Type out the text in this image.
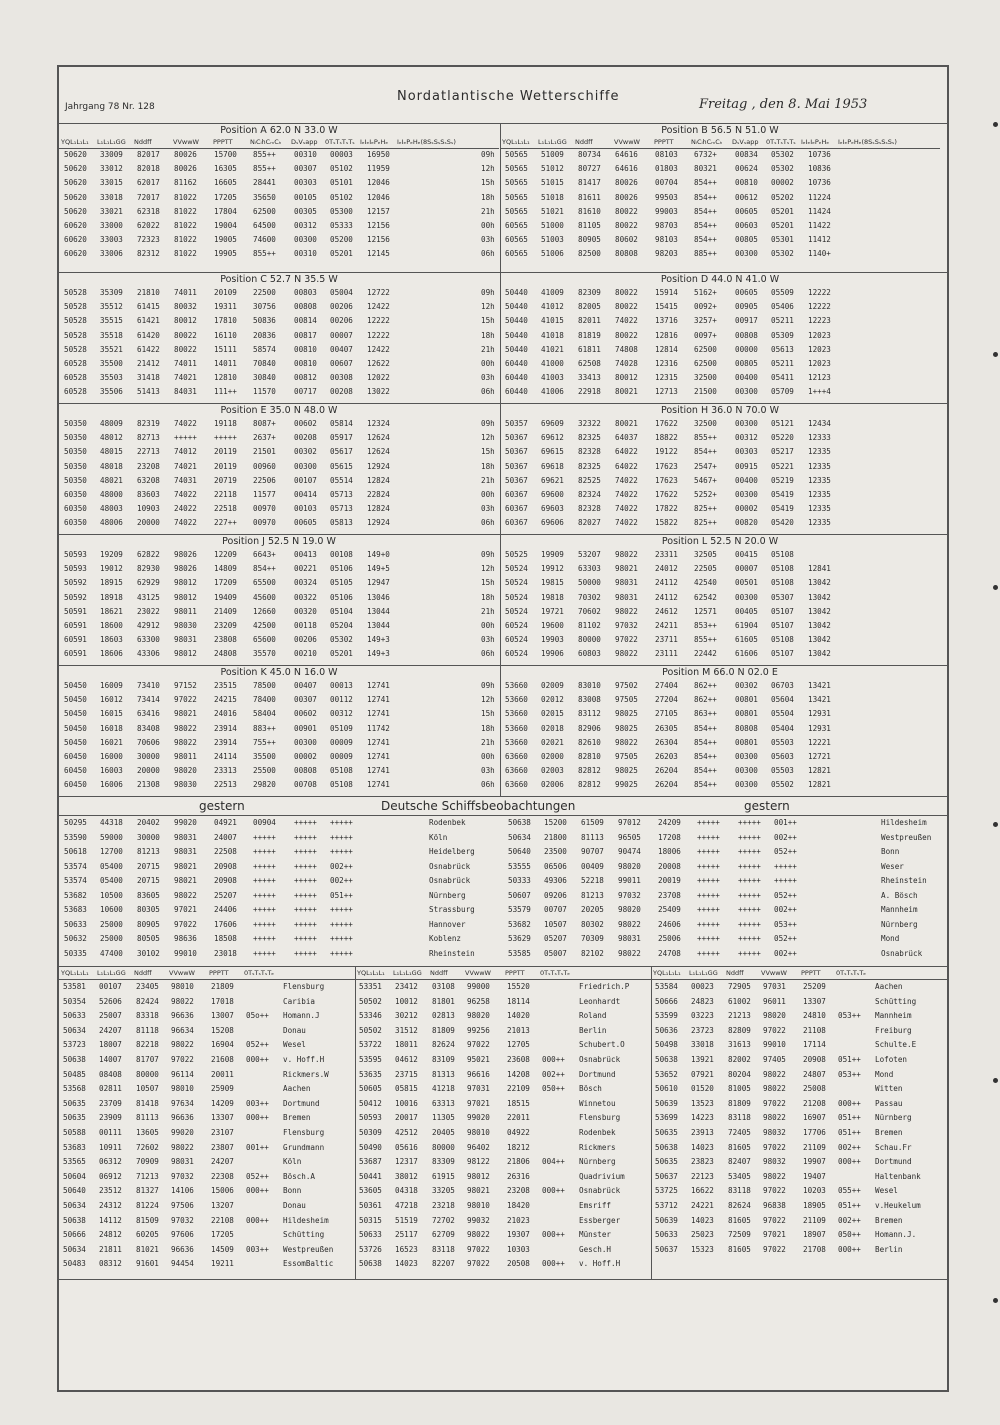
Nordatlantische Wetterschiffe
Jahrgang 78 Nr. 128	Freitag , den 8. Mai 1953
Position A 62.0 N 33.0 W
YQL₁L₁L₁ L₁L₁L₁GG Nddff	VVwwW PPPTT	NₗCₗhCₘCₕ DₛVₛapp 0TₛTₛTₛTₛ IₑIₑIₑPₑHₑ IₑIₑPₑHₑ(8SₛSₛSₛSₛ)
50620 33009 82017 80026 15700 855++ 00310 00003 16950	09h
50620 33012 82018 80026 16305 855++ 00307 05102 11959	12h
50620 33015 62017 81162 16605 28441 00303 05101 12046	15h
50620 33018 72017 81022 17205 35650 00105 05102 12046	18h
50620 33021 62318 81022 17804 62500 00305 05300 12157	21h
60620 33000 62022 81022 19004 64500 00312 05333 12156	00h
60620 33003 72323 81022 19005 74600 00300 05200 12156	03h
60620 33006 82312 81022 19905 855++ 00310 05201 12145	06h
Position B 56.5 N 51.0 W
YQL₁L₁L₁ L₁L₁L₁GG Nddff	VVwwW PPPTT	NₗCₗhCₘCₕ DₛVₛapp 0TₛTₛTₛTₛ IₑIₑIₑPₑHₑ IₑIₑPₑHₑ(8SₛSₛSₛSₛ)
50565 51009 80734 64616 08103 6732+ 00834 05302 10736
50565 51012 80727 64616 01803 80321 00624 05302 10836
50565 51015 81417 80026 00704 854++ 00810 00002 10736
50565 51018 81611 80026 99503 854++ 00612 05202 11224
50565 51021 81610 80022 99003 854++ 00605 05201 11424
60565 51000 81105 80022 98703 854++ 00603 05201 11422
60565 51003 80905 80602 98103 854++ 00805 05301 11412
60565 51006 82500 80808 98203 885++ 00300 05302 1140+
Position C 52.7 N 35.5 W
50528 35309 21810 74011 20109 22500 00803 05004 12722	09h
50528 35512 61415 80032 19311 30756 00808 00206 12422	12h
50528 35515 61421 80012 17810 50836 00814 00206 12222	15h
50528 35518 61420 80022 16110 20836 00817 00007 12222	18h
50528 35521 61422 80022 15111 58574 00810 00407 12422	21h
60528 35500 21412 74011 14011 70840 00810 00607 12622	00h
60528 35503 31418 74021 12810 30840 00812 00308 12022	03h
60528 35506 51413 84031 111++ 11570 00717 00208 13022	06h
Position D 44.0 N 41.0 W
50440 41009 82309 80022 15914 5162+ 00605 05509 12222
50440 41012 82005 80022 15415 0092+ 00905 05406 12222
50440 41015 82011 74022 13716 3257+ 00917 05211 12223
50440 41018 81819 80022 12816 0097+ 00808 05309 12023
50440 41021 61811 74808 12814 62500 00000 05613 12023
60440 41000 62508 74028 12316 62500 00805 05211 12023
60440 41003 33413 80012 12315 32500 00400 05411 12123
60440 41006 22918 80021 12713 21500 00300 05709 1+++4
Position E 35.0 N 48.0 W
50350 48009 82319 74022 19118 8087+ 00602 05814 12324	09h
50350 48012 82713 +++++ +++++ 2637+ 00208 05917 12624	12h
50350 48015 22713 74012 20119 21501 00302 05617 12624	15h
50350 48018 23208 74021 20119 00960 00300 05615 12924	18h
50350 48021 63208 74031 20719 22506 00107 05514 12824	21h
60350 48000 83603 74022 22118 11577 00414 05713 22824	00h
60350 48003 10903 24022 22518 00970 00103 05713 12824	03h
60350 48006 20000 74022 227++ 00970 00605 05813 12924	06h
Position H 36.0 N 70.0 W
50357 69609 32322 80021 17622 32500 00300 05121 12434
50367 69612 82325 64037 18822 855++ 00312 05220 12333
50367 69615 82328 64022 19122 854++ 00303 05217 12335
50367 69618 82325 64022 17623 2547+ 00915 05221 12335
50367 69621 82525 74022 17623 5467+ 00400 05219 12335
60367 69600 82324 74022 17622 5252+ 00300 05419 12335
60367 69603 82328 74022 17822 825++ 00002 05419 12335
60367 69606 82027 74022 15822 825++ 00820 05420 12335
Position J 52.5 N 19.0 W
50593 19209 62822 98026 12209 6643+ 00413 00108 149+0	09h
50593 19012 82930 98026 14809 854++ 00221 05106 149+5	12h
50592 18915 62929 98012 17209 65500 00324 05105 12947	15h
50592 18918 43125 98012 19409 45600 00322 05106 13046	18h
50591 18621 23022 98011 21409 12660 00320 05104 13044	21h
60591 18600 42912 98030 23209 42500 00118 05204 13044	00h
60591 18603 63300 98031 23808 65600 00206 05302 149+3	03h
60591 18606 43306 98012 24808 35570 00210 05201 149+3	06h
Position L 52.5 N 20.0 W
50525 19909 53207 98022 23311 32505 00415 05108
50524 19912 63303 98021 24012 22505 00007 05108 12841
50524 19815 50000 98031 24112 42540 00501 05108 13042
50524 19818 70302 98031 24112 62542 00300 05307 13042
50524 19721 70602 98022 24612 12571 00405 05107 13042
60524 19600 81102 97032 24211 853++ 61904 05107 13042
60524 19903 80000 97022 23711 855++ 61605 05108 13042
60524 19906 60803 98022 23111 22442 61606 05107 13042
Position K 45.0 N 16.0 W
50450 16009 73410 97152 23515 78500 00407 00013 12741	09h
50450 16012 73414 97022 24215 78400 00307 00112 12741	12h
50450 16015 63416 98021 24016 58404 00602 00312 12741	15h
50450 16018 83408 98022 23914 883++ 00901 05109 11742	18h
50450 16021 70606 98022 23914 755++ 00300 00009 12741	21h
60450 16000 30000 98011 24114 35500 00002 00009 12741	00h
60450 16003 20000 98020 23313 25500 00808 05108 12741	03h
60450 16006 21308 98030 22513 29820 00708 05108 12741	06h
Position M 66.0 N 02.0 E
53660 02009 83010 97502 27404 862++ 00302 06703 13421
53660 02012 83008 97505 27204 862++ 00801 05604 13421
53660 02015 83112 98025 27105 863++ 00801 05504 12931
53660 02018 82906 98025 26305 854++ 80808 05404 12931
53660 02021 82610 98022 26304 854++ 00801 05503 12221
63660 02000 82810 97505 26203 854++ 00300 05603 12721
63660 02003 82812 98025 26204 854++ 00300 05503 12821
63660 02006 82812 99025 26204 854++ 00300 05502 12821
gestern	Deutsche Schiffsbeobachtungen	gestern
50295 44318 20402 99020 04921 00904 +++++ +++++	Rodenbek
53590 59000 30000 98031 24007 +++++ +++++ +++++	Köln
50618 12700 81213 98031 22508 +++++ +++++ +++++	Heidelberg
53574 05400 20715 98021 20908 +++++ +++++ 002++	Osnabrück
53574 05400 20715 98021 20908 +++++ +++++ 002++	Osnabrück
53682 10500 83605 98022 25207 +++++ +++++ 051++	Nürnberg
53683 10600 80305 97021 24406 +++++ +++++ +++++	Strassburg
50633 25000 80905 97022 17606 +++++ +++++ +++++	Hannover
50632 25000 80505 98636 18508 +++++ +++++ +++++	Koblenz
50335 47400 30102 99010 23018 +++++ +++++ +++++	Rheinstein
50638 15200 61509 97012 24209 +++++ +++++ 001++	Hildesheim
50634 21800 81113 96505 17208 +++++ +++++ 002++	Westpreußen
50640 23500 90707 90474 18006 +++++ +++++ 052++	Bonn
53555 06506 00409 98020 20008 +++++ +++++ +++++	Weser
50333 49306 52218 99011 20019 +++++ +++++ +++++	Rheinstein
50607 09206 81213 97032 23708 +++++ +++++ 052++	A. Bösch
53579 00707 20205 98020 25409 +++++ +++++ 002++	Mannheim
53682 10507 80302 98022 24606 +++++ +++++ 053++	Nürnberg
53629 05207 70309 98031 25006 +++++ +++++ 052++	Mond
53585 05007 82102 98022 24708 +++++ +++++ 002++	Osnabrück
YQL₁L₁L₁ L₁L₁L₁GG Nddff	VVwwW PPPTT 0TₛTₛTₛTₑ	YQL₁L₁L₁ L₁L₁L₁GG Nddff	VVwwW PPPTT 0TₛTₛTₛTₑ	YQL₁L₁L₁ L₁L₁L₁GG Nddff	VVwwW PPPTT 0TₛTₛTₛTₑ
53581 00107 23405 98010 21809	Flensburg
50354 52606 82424 98022 17018	Caribia
50633 25007 83318 96636 13007 05o++ Homann.J
50634 24207 81118 96634 15208	Donau
53723 18007 82218 98022 16904 052++ Wesel
50638 14007 81707 97022 21608 000++ v. Hoff.H
50485 08408 80000 96114 20011	Rickmers.W
53568 02811 10507 98010 25909	Aachen
50635 23709 81418 97634 14209 003++ Dortmund
50635 23909 81113 96636 13307 000++ Bremen
50588 00111 13605 99020 23107	Flensburg
53683 10911 72602 98022 23807 001++ Grundmann
53565 06312 70909 98031 24207	Köln
50604 06912 71213 97032 22308 052++ Bösch.A
50640 23512 81327 14106 15006 000++ Bonn
50634 24312 81224 97506 13207	Donau
50638 14112 81509 97032 22108 000++ Hildesheim
50666 24812 60205 97606 17205	Schütting
50634 21811 81021 96636 14509 003++ Westpreußen
50483 08312 91601 94454 19211	EssomBaltic
53351 23412 03108 99000 15520	Friedrich.P
50502 10012 81801 96258 18114	Leonhardt
53346 30212 02813 98020 14020	Roland
50502 31512 81809 99256 21013	Berlin
53722 18011 82624 97022 12705	Schubert.O
53595 04612 83109 95021 23608 000++ Osnabrück
53635 23715 81313 96616 14208 002++ Dortmund
50605 05815 41218 97031 22109 050++ Bösch
50412 10016 63313 97021 18515	Winnetou
50593 20017 11305 99020 22011	Flensburg
50309 42512 20405 98010 04922	Rodenbek
50490 05616 80000 96402 18212	Rickmers
53687 12317 83309 98122 21806 004++ Nürnberg
50441 38012 61915 98012 26316	Quadrivium
53605 04318 33205 98021 23208 000++ Osnabrück
50361 47218 23218 98010 18420	Emsriff
50315 51519 72702 99032 21023	Essberger
50633 25117 62709 98022 19307 000++ Münster
53726 16523 83118 97022 10303	Gesch.H
50638 14023 82207 97022 20508 000++ v. Hoff.H
53584 00023 72905 97031 25209	Aachen
50666 24823 61002 96011 13307	Schütting
53599 03223 21213 98020 24810 053++ Mannheim
50636 23723 82809 97022 21108	Freiburg
50498 33018 31613 99010 17114	Schulte.E
50638 13921 82002 97405 20908 051++ Lofoten
53652 07921 80204 98022 24807 053++ Mond
50610 01520 81005 98022 25008	Witten
50639 13523 81809 97022 21208 000++ Passau
53699 14223 83118 98022 16907 051++ Nürnberg
50635 23913 72405 98032 17706 051++ Bremen
50638 14023 81605 97022 21109 002++ Schau.Fr
50635 23823 82407 98032 19907 000++ Dortmund
50637 22123 53405 98022 19407	Haltenbank
53725 16622 83118 97022 10203 055++ Wesel
53712 24221 82624 96838 18905 051++ v.Heukelum
50639 14023 81605 97022 21109 002++ Bremen
50633 25023 72509 97021 18907 050++ Homann.J.
50637 15323 81605 97022 21708 000++ Berlin
